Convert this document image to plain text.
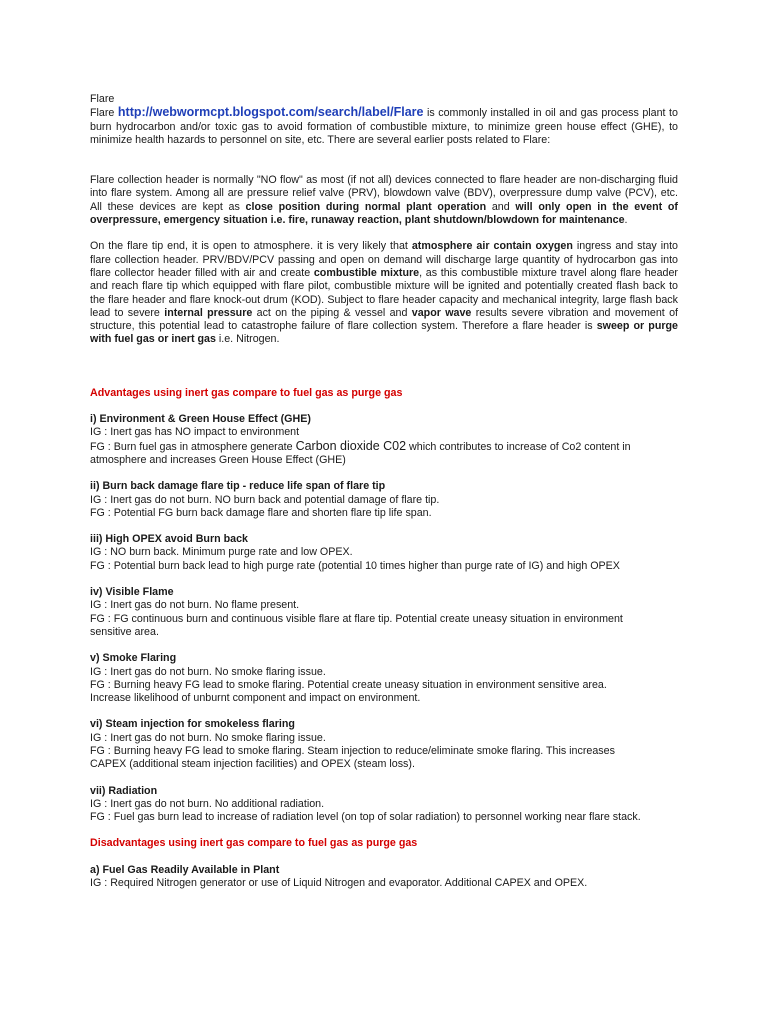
Flare

Flare http://webwormcpt.blogspot.com/search/label/Flare is commonly installed in oil and gas process plant to burn hydrocarbon and/or toxic gas to avoid formation of combustible mixture, to minimize green house effect (GHE), to minimize health hazards to personnel on site, etc. There are several earlier posts related to Flare:

Flare collection header is normally "NO flow" as most (if not all) devices connected to flare header are non-discharging fluid into flare system. Among all are pressure relief valve (PRV), blowdown valve (BDV), overpressure dump valve (PCV), etc. All these devices are kept as close position during normal plant operation and will only open in the event of overpressure, emergency situation i.e. fire, runaway reaction, plant shutdown/blowdown for maintenance.

On the flare tip end, it is open to atmosphere. it is very likely that atmosphere air contain oxygen ingress and stay into flare collection header. PRV/BDV/PCV passing and open on demand will discharge large quantity of hydrocarbon gas into flare collector header filled with air and create combustible mixture, as this combustible mixture travel along flare header and reach flare tip which equipped with flare pilot, combustible mixture will be ignited and potentially created flash back to the flare header and flare knock-out drum (KOD). Subject to flare header capacity and mechanical integrity, large flash back lead to severe internal pressure act on the piping & vessel and vapor wave results severe vibration and movement of structure, this potential lead to catastrophe failure of flare collection system. Therefore a flare header is sweep or purge with fuel gas or inert gas i.e. Nitrogen.

Advantages using inert gas compare to fuel gas as purge gas

i) Environment & Green House Effect (GHE)

IG : Inert gas has NO impact to environment

FG : Burn fuel gas in atmosphere generate Carbon dioxide C02 which contributes to increase of Co2 content in

atmosphere and increases Green House Effect (GHE)

ii) Burn back damage flare tip - reduce life span of flare tip

IG : Inert gas do not burn. NO burn back and potential damage of flare tip.

FG : Potential FG burn back damage flare and shorten flare tip life span.

iii) High OPEX avoid Burn back

IG : NO burn back. Minimum purge rate and low OPEX.

FG : Potential burn back lead to high purge rate (potential 10 times higher than purge rate of IG) and high OPEX

iv) Visible Flame

IG : Inert gas do not burn. No flame present.

FG : FG continuous burn and continuous visible flare at flare tip. Potential create uneasy situation in environment

sensitive area.

v) Smoke Flaring

IG : Inert gas do not burn. No smoke flaring issue.

FG : Burning heavy FG lead to smoke flaring. Potential create uneasy situation in environment sensitive area.

Increase likelihood of unburnt component and impact on environment.

vi) Steam injection for smokeless flaring

IG : Inert gas do not burn. No smoke flaring issue.

FG : Burning heavy FG lead to smoke flaring. Steam injection to reduce/eliminate smoke flaring. This increases

CAPEX (additional steam injection facilities) and OPEX (steam loss).

vii) Radiation

IG : Inert gas do not burn. No additional radiation.

FG : Fuel gas burn lead to increase of radiation level (on top of solar radiation) to personnel working near flare stack.

Disadvantages using inert gas compare to fuel gas as purge gas

a) Fuel Gas Readily Available in Plant

IG : Required Nitrogen generator or use of Liquid Nitrogen and evaporator. Additional CAPEX and OPEX.
